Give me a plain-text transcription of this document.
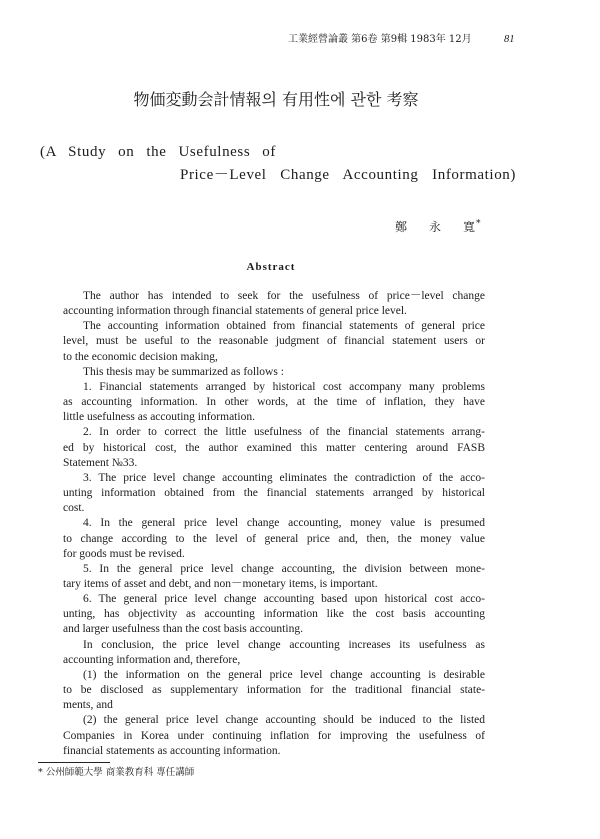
工業經營論叢 第6卷 第9輯 1983年 12月	81
物価変動会計情報의 有用性에 관한 考察
(A Study on the Usefulness of
Price－Level Change Accounting Information)
鄭 永 寬 *
Abstract
The author has intended to seek for the usefulness of price－level change
accounting information through financial statements of general price level.
The accounting information obtained from financial statements of general price
level, must be useful to the reasonable judgment of financial statement users or
to the economic decision making,
This thesis may be summarized as follows :
1. Financial statements arranged by historical cost accompany many problems
as accounting information. In other words, at the time of inflation, they have
little usefulness as accouting information.
2. In order to correct the little usefulness of the financial statements arrang-
ed by historical cost, the author examined this matter centering around FASB
Statement №33.
3. The price level change accounting eliminates the contradiction of the acco-
unting information obtained from the financial statements arranged by historical
cost.
4. In the general price level change accounting, money value is presumed
to change according to the level of general price and, then, the money value
for goods must be revised.
5. In the general price level change accounting, the division between mone-
tary items of asset and debt, and non－monetary items, is important.
6. The general price level change accounting based upon historical cost acco-
unting, has objectivity as accounting information like the cost basis accounting
and larger usefulness than the cost basis accounting.
In conclusion, the price level change accounting increases its usefulness as
accounting information and, therefore,
(1) the information on the general price level change accounting is desirable
to be disclosed as supplementary information for the traditional financial state-
ments, and
(2) the general price level change accounting should be induced to the listed
Companies in Korea under continuing inflation for improving the usefulness of
financial statements as accounting information.
* 公州師範大學 商業教育科 專任講師
